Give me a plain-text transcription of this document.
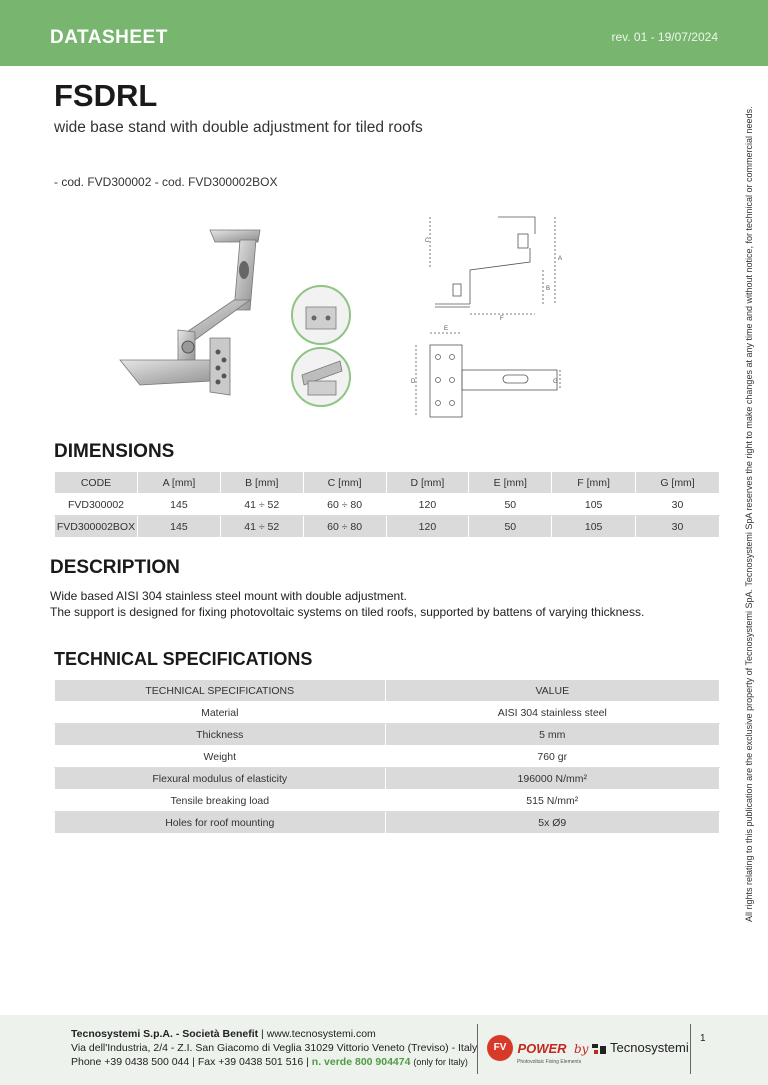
DATASHEET	rev. 01 - 19/07/2024
FSDRL
wide base stand with double adjustment for tiled roofs
- cod. FVD300002 - cod. FVD300002BOX	All rights relating to this publication are the exclusive property of Tecnosystemi SpA. Tecnosystemi SpA reserves the right to make changes at any time and without notice, for technical or commercial needs.
C
A
B
F
D
E
G
DIMENSIONS
CODE	A [mm]	B [mm]	C [mm]	D [mm]	E [mm]	F [mm]	G [mm]
FVD300002	145	41 ÷ 52	60 ÷ 80	120	50	105	30
FVD300002BOX	145	41 ÷ 52	60 ÷ 80	120	50	105	30
DESCRIPTION
Wide based AISI 304 stainless steel mount with double adjustment.
The support is designed for fixing photovoltaic systems on tiled roofs, supported by battens of varying thickness.
TECHNICAL SPECIFICATIONS
TECHNICAL SPECIFICATIONS	VALUE
Material	AISI 304 stainless steel
Thickness	5 mm
Weight	760 gr
Flexural modulus of elasticity	196000 N/mm²
Tensile breaking load	515 N/mm²
Holes for roof mounting	5x Ø9
Tecnosystemi S.p.A. - Società Benefit | www.tecnosystemi.com
Via dell'Industria, 2/4 - Z.I. San Giacomo di Veglia 31029 Vittorio Veneto (Treviso) - Italy
Phone +39 0438 500 044 | Fax +39 0438 501 516 | n. verde 800 904474 (only for Italy)
FV POWER
Photovoltaic Fixing Elements
by	Tecnosystemi
1
